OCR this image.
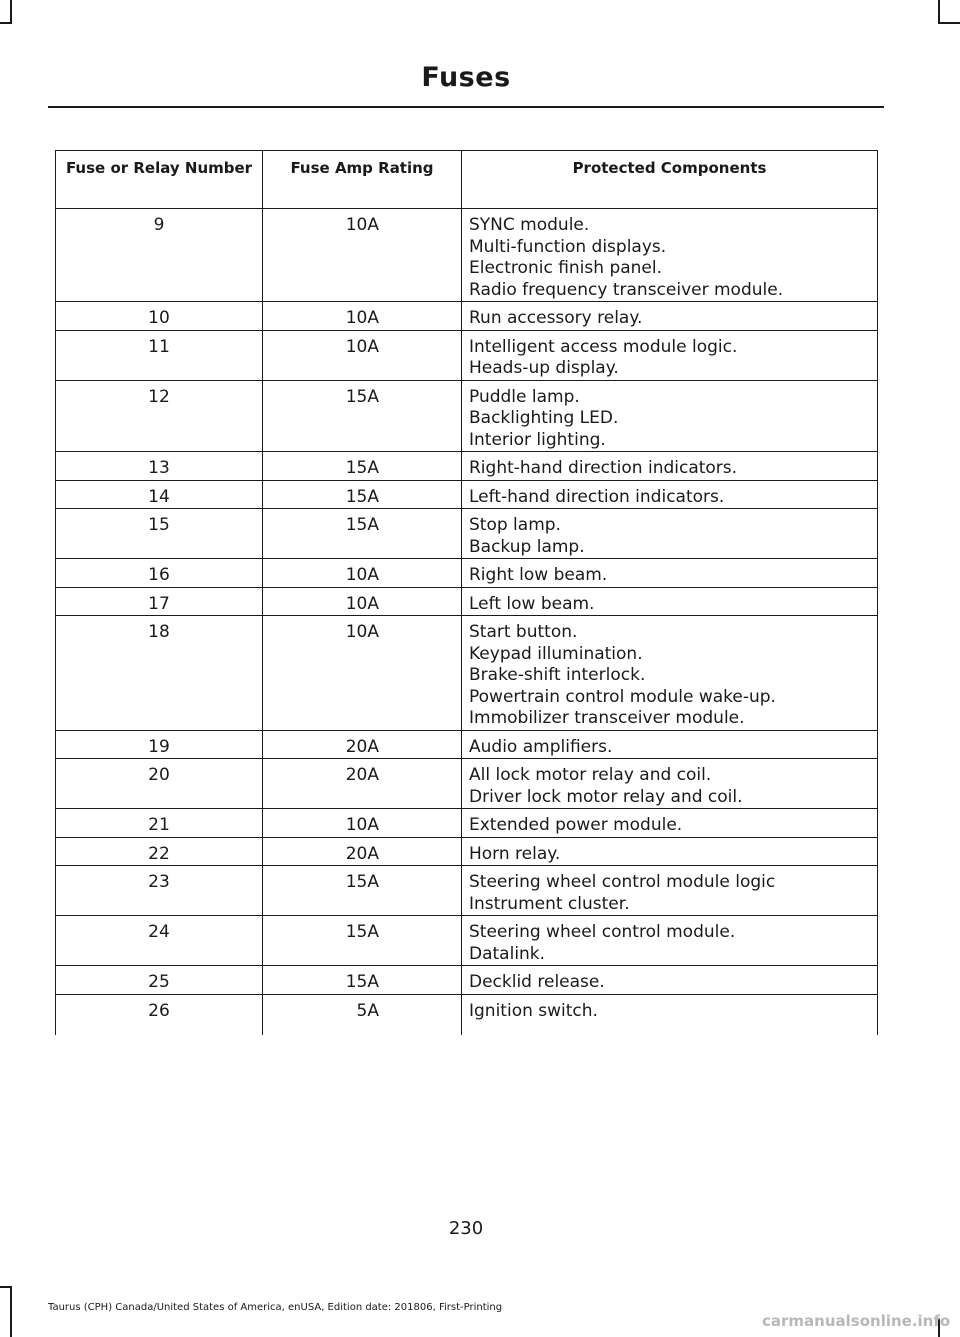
Fuses
Fuse or Relay Number	Fuse Amp Rating	Protected Components
9	10A	SYNC module.
Multi-function displays.
Electronic finish panel.
Radio frequency transceiver module.

10	10A	Run accessory relay.

11	10A	Intelligent access module logic.
Heads-up display.

12	15A	Puddle lamp.
Backlighting LED.
Interior lighting.

13	15A	Right-hand direction indicators.

14	15A	Left-hand direction indicators.

15	15A	Stop lamp.
Backup lamp.

16	10A	Right low beam.

17	10A	Left low beam.

18	10A	Start button.
Keypad illumination.
Brake-shift interlock.
Powertrain control module wake-up.
Immobilizer transceiver module.

19	20A	Audio amplifiers.

20	20A	All lock motor relay and coil.
Driver lock motor relay and coil.

21	10A	Extended power module.

22	20A	Horn relay.

23	15A	Steering wheel control module logic
Instrument cluster.

24	15A	Steering wheel control module.
Datalink.

25	15A	Decklid release.

26	5A	Ignition switch.
230
Taurus (CPH) Canada/United States of America, enUSA, Edition date: 201806, First-Printing
carmanualsonline.info
